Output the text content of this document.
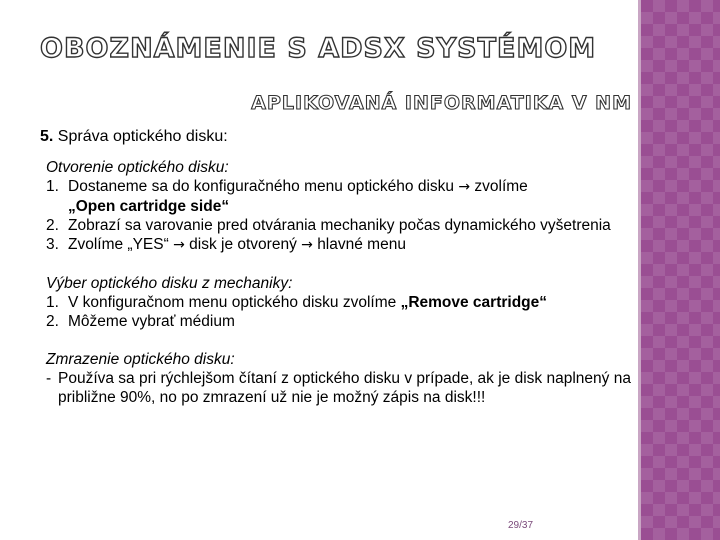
OBOZNÁMENIE S ADSX SYSTÉMOM
APLIKOVANÁ INFORMATIKA V NM
5. Správa optického disku:
Otvorenie optického disku:
1. Dostaneme sa do konfiguračného menu optického disku → zvolíme
„Open cartridge side“
2. Zobrazí sa varovanie pred otvárania mechaniky počas dynamického vyšetrenia
3. Zvolíme „YES“ → disk je otvorený → hlavné menu
Výber optického disku z mechaniky:
1. V konfiguračnom menu optického disku zvolíme „Remove cartridge“
2. Môžeme vybrať médium
Zmrazenie optického disku:
- Používa sa pri rýchlejšom čítaní z optického disku v prípade, ak je disk naplnený na približne 90%, no po zmrazení už nie je možný zápis na disk!!!
29/37
